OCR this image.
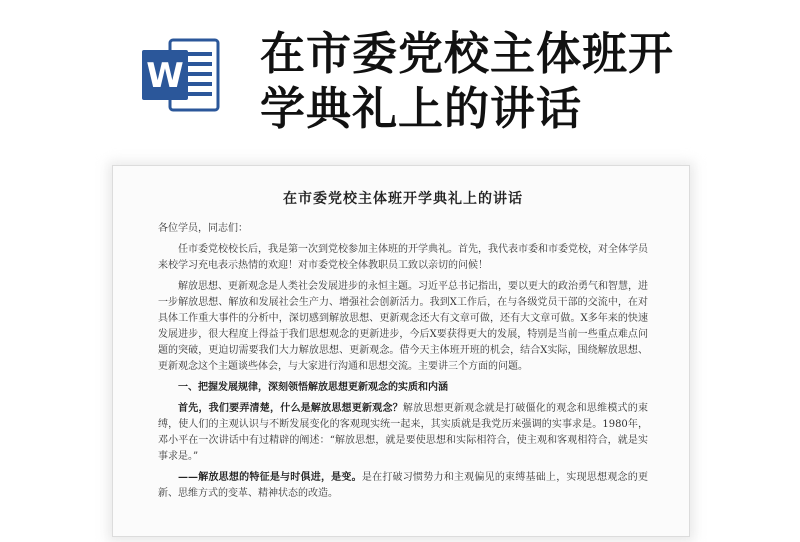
W 在市委党校主体班开
学典礼上的讲话
在市委党校主体班开学典礼上的讲话

各位学员，同志们：

任市委党校校长后，我是第一次到党校参加主体班的开学典礼。首先，我代表市委和市委党校，对全体学员来校学习充电表示热情的欢迎！对市委党校全体教职员工致以亲切的问候！

解放思想、更新观念是人类社会发展进步的永恒主题。习近平总书记指出，要以更大的政治勇气和智慧，进一步解放思想、解放和发展社会生产力、增强社会创新活力。我到X工作后，在与各级党员干部的交流中，在对具体工作重大事件的分析中，深切感到解放思想、更新观念还大有文章可做，还有大文章可做。X多年来的快速发展进步，很大程度上得益于我们思想观念的更新进步，今后X要获得更大的发展，特别是当前一些重点难点问题的突破，更迫切需要我们大力解放思想、更新观念。借今天主体班开班的机会，结合X实际，围绕解放思想、更新观念这个主题谈些体会，与大家进行沟通和思想交流。主要讲三个方面的问题。

一、把握发展规律，深刻领悟解放思想更新观念的实质和内涵

首先，我们要弄清楚，什么是解放思想更新观念？解放思想更新观念就是打破僵化的观念和思维模式的束缚，使人们的主观认识与不断发展变化的客观现实统一起来，其实质就是我党历来强调的实事求是。1980年，邓小平在一次讲话中有过精辟的阐述：“解放思想，就是要使思想和实际相符合，使主观和客观相符合，就是实事求是。”

——解放思想的特征是与时俱进，是变。是在打破习惯势力和主观偏见的束缚基础上，实现思想观念的更新、思维方式的变革、精神状态的改造。
